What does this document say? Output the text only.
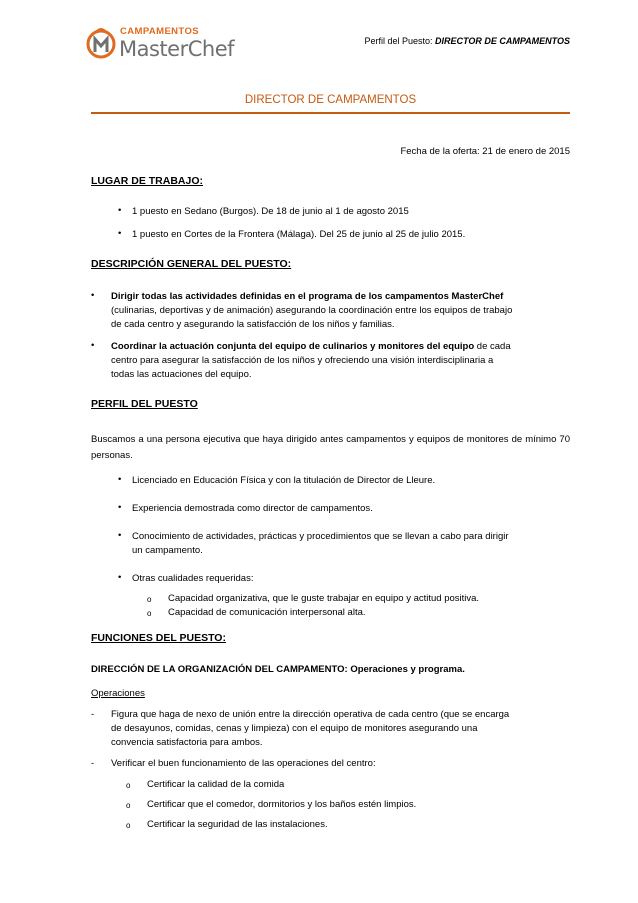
CAMPAMENTOS
MasterChef	Perfil del Puesto: DIRECTOR DE CAMPAMENTOS
DIRECTOR DE CAMPAMENTOS
Fecha de la oferta: 21 de enero de 2015
LUGAR DE TRABAJO:
• 1 puesto en Sedano (Burgos). De 18 de junio al 1 de agosto 2015
• 1 puesto en Cortes de la Frontera (Málaga). Del 25 de junio al 25 de julio 2015.
DESCRIPCIÓN GENERAL DEL PUESTO:
• Dirigir todas las actividades definidas en el programa de los campamentos MasterChef
(culinarias, deportivas y de animación) asegurando la coordinación entre los equipos de trabajo
de cada centro y asegurando la satisfacción de los niños y familias.
• Coordinar la actuación conjunta del equipo de culinarios y monitores del equipo de cada
centro para asegurar la satisfacción de los niños y ofreciendo una visión interdisciplinaria a
todas las actuaciones del equipo.
PERFIL DEL PUESTO
Buscamos a una persona ejecutiva que haya dirigido antes campamentos y equipos de monitores de mínimo 70 personas.
• Licenciado en Educación Física y con la titulación de Director de Lleure.
• Experiencia demostrada como director de campamentos.
• Conocimiento de actividades, prácticas y procedimientos que se llevan a cabo para dirigir
un campamento.
• Otras cualidades requeridas:
o Capacidad organizativa, que le guste trabajar en equipo y actitud positiva.
o Capacidad de comunicación interpersonal alta.
FUNCIONES DEL PUESTO:
DIRECCIÓN DE LA ORGANIZACIÓN DEL CAMPAMENTO: Operaciones y programa.
Operaciones
- Figura que haga de nexo de unión entre la dirección operativa de cada centro (que se encarga
de desayunos, comidas, cenas y limpieza) con el equipo de monitores asegurando una
convencia satisfactoria para ambos.
- Verificar el buen funcionamiento de las operaciones del centro:
o Certificar la calidad de la comida
o Certificar que el comedor, dormitorios y los baños estén limpios.
o Certificar la seguridad de las instalaciones.
